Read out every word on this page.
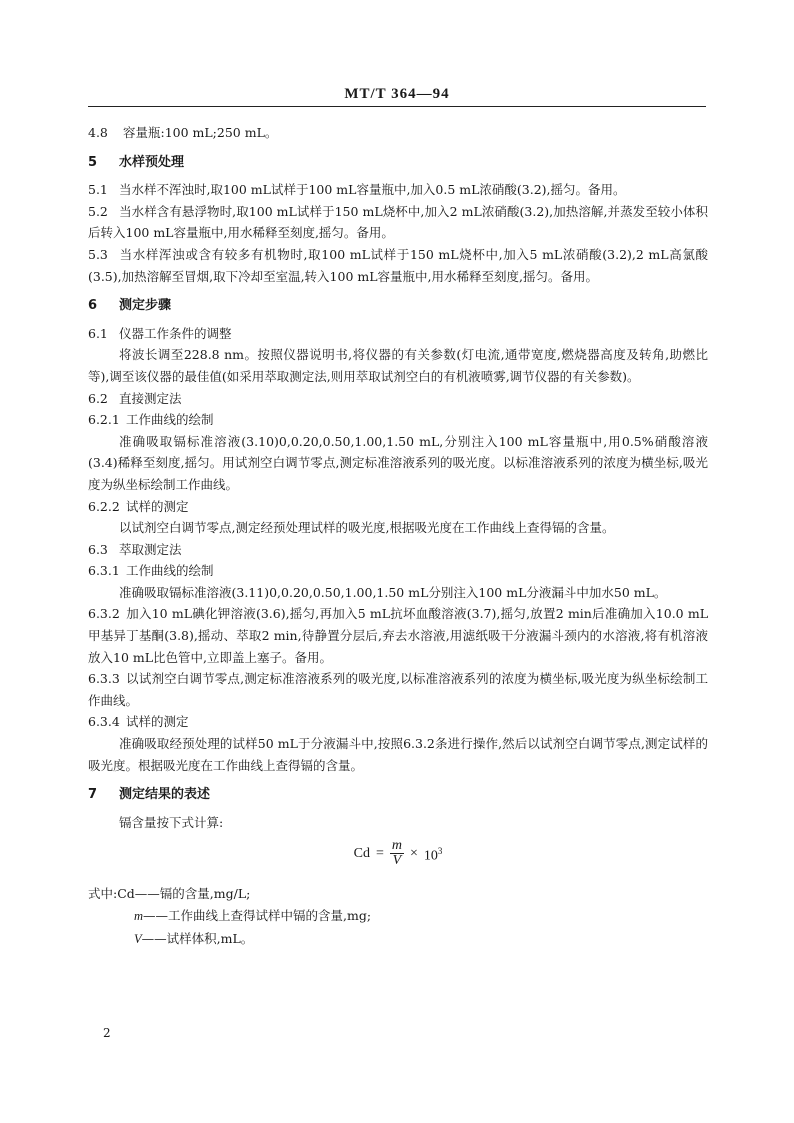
MT/T 364—94

4.8 容量瓶:100 mL;250 mL。

5 水样预处理

5.1 当水样不浑浊时,取100 mL试样于100 mL容量瓶中,加入0.5 mL浓硝酸(3.2),摇匀。备用。

5.2 当水样含有悬浮物时,取100 mL试样于150 mL烧杯中,加入2 mL浓硝酸(3.2),加热溶解,并蒸发至较小体积后转入100 mL容量瓶中,用水稀释至刻度,摇匀。备用。

5.3 当水样浑浊或含有较多有机物时,取100 mL试样于150 mL烧杯中,加入5 mL浓硝酸(3.2),2 mL高氯酸(3.5),加热溶解至冒烟,取下冷却至室温,转入100 mL容量瓶中,用水稀释至刻度,摇匀。备用。

6 测定步骤

6.1 仪器工作条件的调整

将波长调至228.8 nm。按照仪器说明书,将仪器的有关参数(灯电流,通带宽度,燃烧器高度及转角,助燃比等),调至该仪器的最佳值(如采用萃取测定法,则用萃取试剂空白的有机液喷雾,调节仪器的有关参数)。

6.2 直接测定法

6.2.1 工作曲线的绘制

准确吸取镉标准溶液(3.10)0,0.20,0.50,1.00,1.50 mL,分别注入100 mL容量瓶中,用0.5%硝酸溶液(3.4)稀释至刻度,摇匀。用试剂空白调节零点,测定标准溶液系列的吸光度。以标准溶液系列的浓度为横坐标,吸光度为纵坐标绘制工作曲线。

6.2.2 试样的测定

以试剂空白调节零点,测定经预处理试样的吸光度,根据吸光度在工作曲线上查得镉的含量。

6.3 萃取测定法

6.3.1 工作曲线的绘制

准确吸取镉标准溶液(3.11)0,0.20,0.50,1.00,1.50 mL分别注入100 mL分液漏斗中加水50 mL。

6.3.2 加入10 mL碘化钾溶液(3.6),摇匀,再加入5 mL抗坏血酸溶液(3.7),摇匀,放置2 min后准确加入10.0 mL甲基异丁基酮(3.8),摇动、萃取2 min,待静置分层后,弃去水溶液,用滤纸吸干分液漏斗颈内的水溶液,将有机溶液放入10 mL比色管中,立即盖上塞子。备用。

6.3.3 以试剂空白调节零点,测定标准溶液系列的吸光度,以标准溶液系列的浓度为横坐标,吸光度为纵坐标绘制工作曲线。

6.3.4 试样的测定

准确吸取经预处理的试样50 mL于分液漏斗中,按照6.3.2条进行操作,然后以试剂空白调节零点,测定试样的吸光度。根据吸光度在工作曲线上查得镉的含量。

7 测定结果的表述

镉含量按下式计算:

$Cd = \frac{m}{V} \times 10^3$

式中:Cd——镉的含量,mg/L;

m——工作曲线上查得试样中镉的含量,mg;

V——试样体积,mL。

2
